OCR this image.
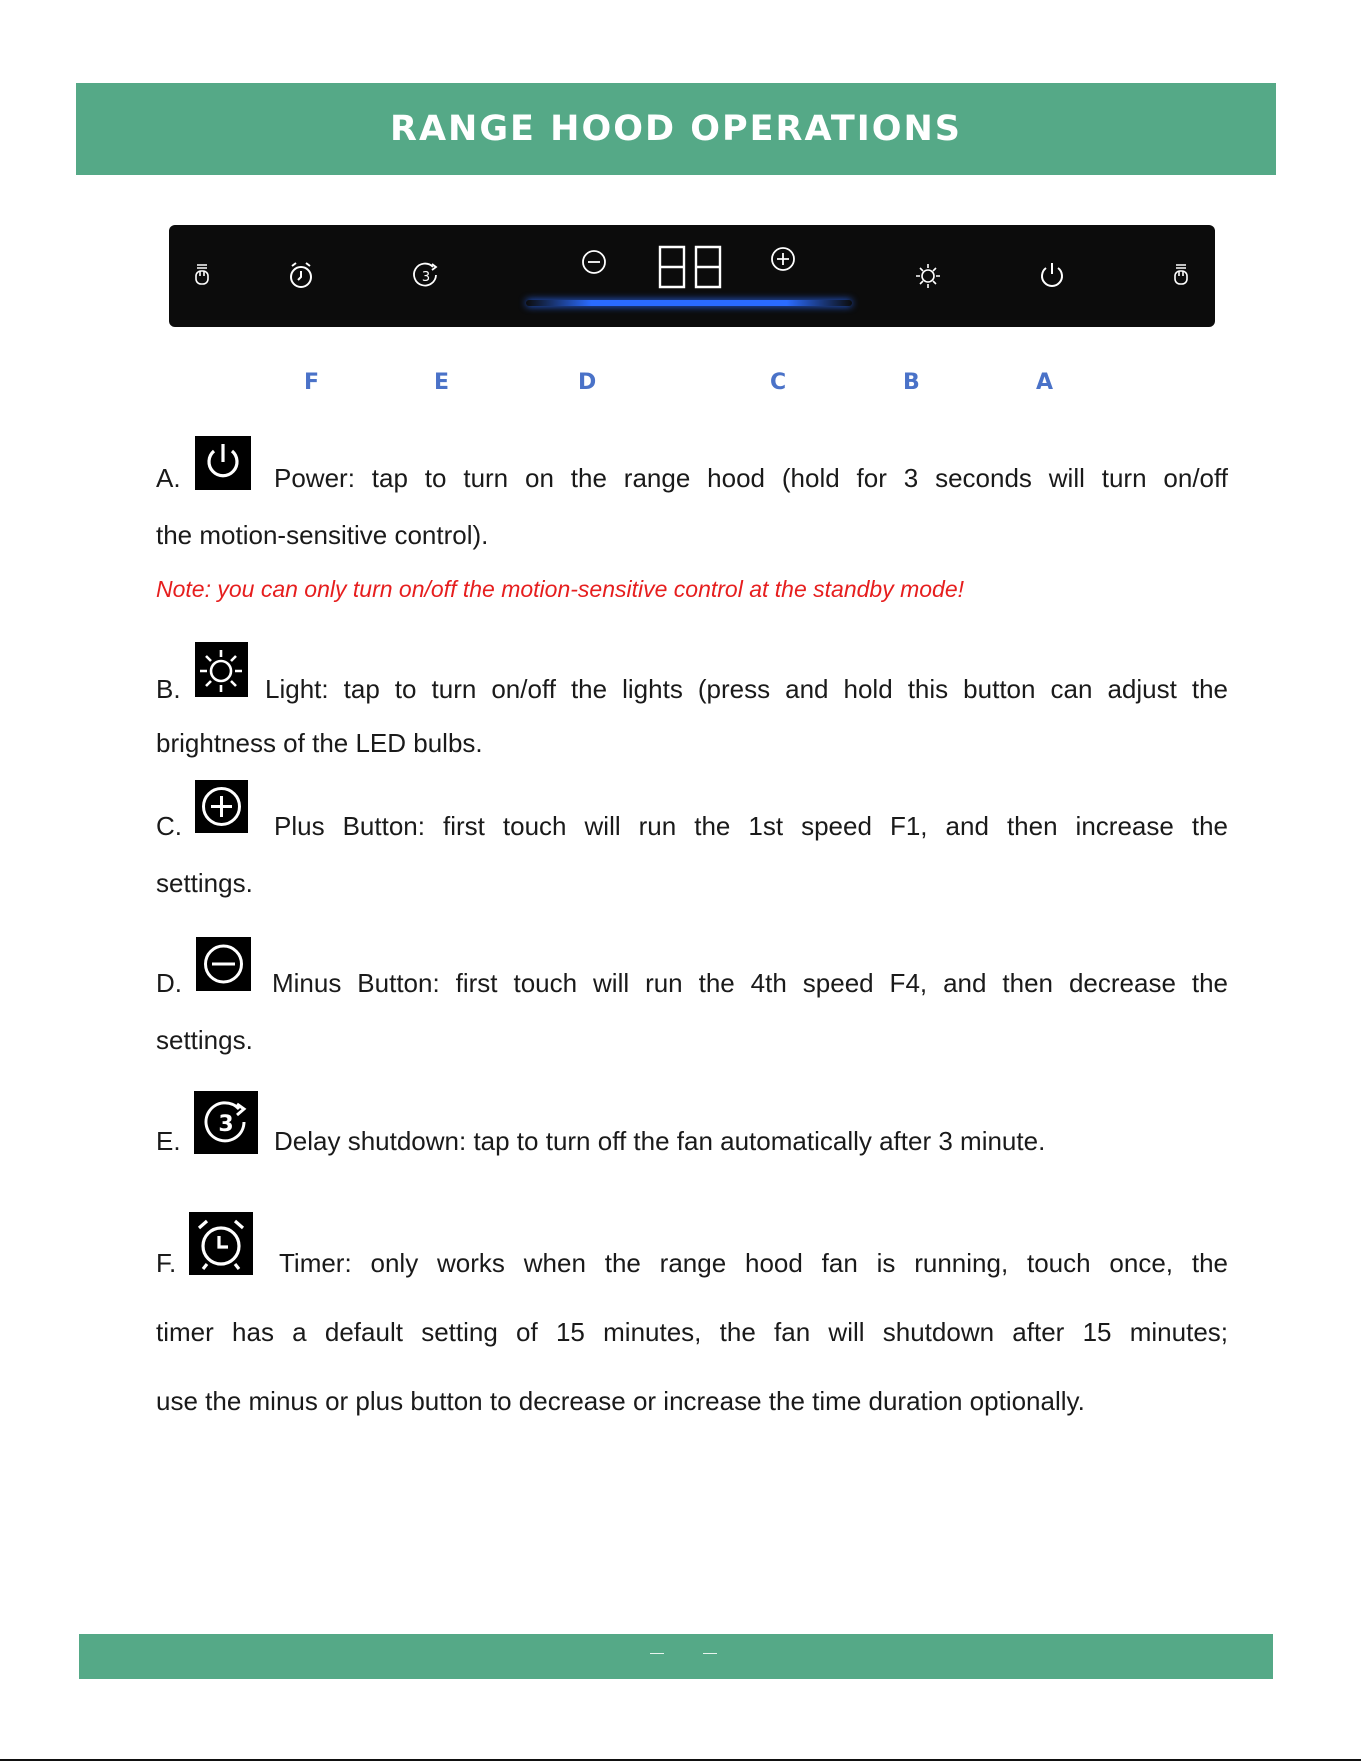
RANGE HOOD OPERATIONS
3
F	E	D	C	B	A
A.	Power: tap to turn on the range hood (hold for 3 seconds will turn on/off
the motion-sensitive control).
Note: you can only turn on/off the motion-sensitive control at the standby mode!
B.	Light: tap to turn on/off the lights (press and hold this button can adjust the
brightness of the LED bulbs.
C.	Plus Button: first touch will run the 1st speed F1, and then increase the
settings.
D.	Minus Button: first touch will run the 4th speed F4, and then decrease the
settings.
E.
3
Delay shutdown: tap to turn off the fan automatically after 3 minute.
F.	Timer: only works when the range hood fan is running, touch once, the
timer has a default setting of 15 minutes, the fan will shutdown after 15 minutes;
use the minus or plus button to decrease or increase the time duration optionally.
